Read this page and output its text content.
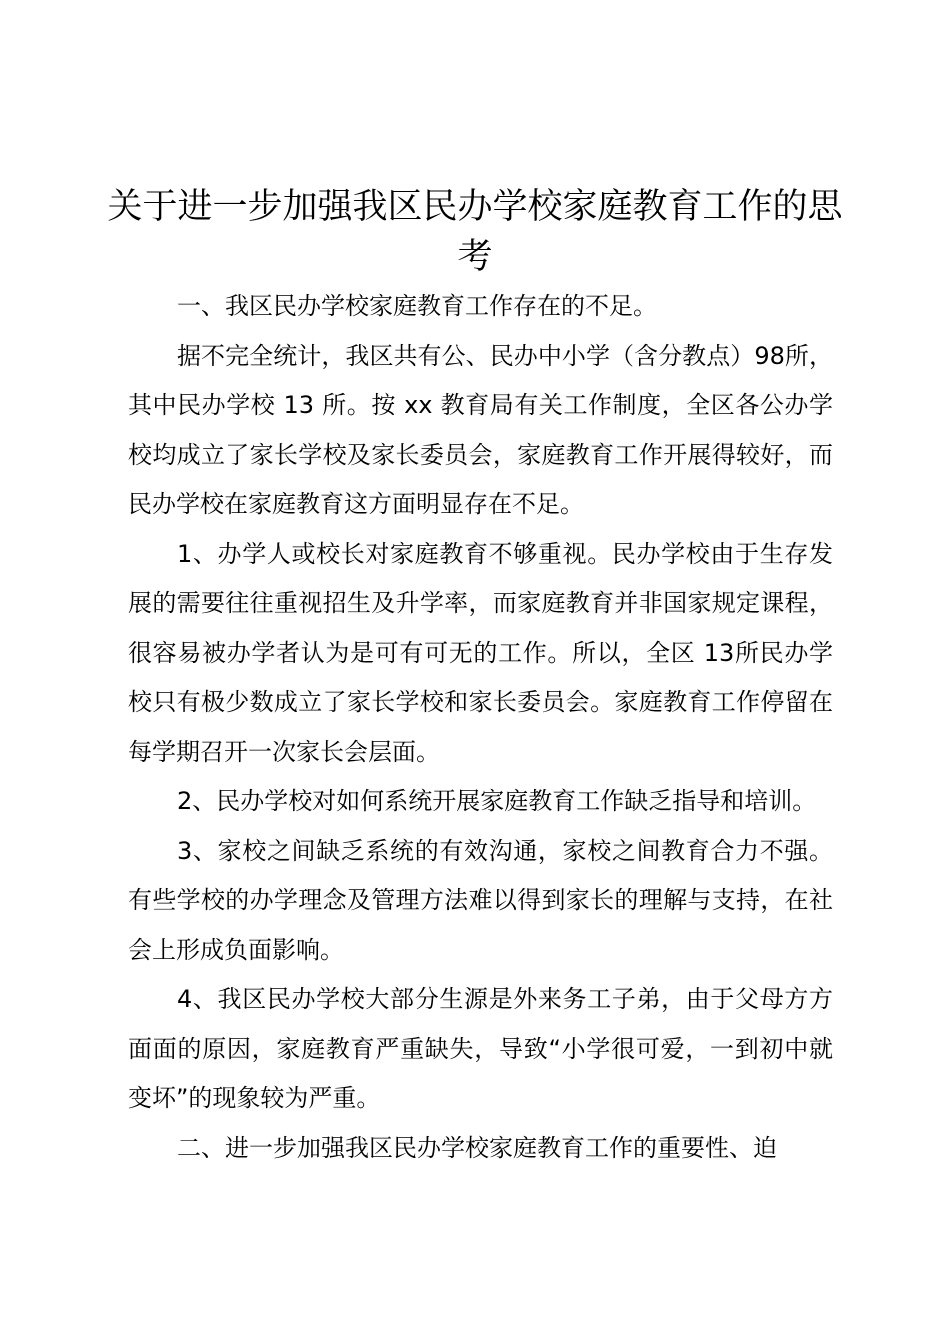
关于进一步加强我区民办学校家庭教育工作的思考

一、我区民办学校家庭教育工作存在的不足。

据不完全统计，我区共有公、民办中小学（含分教点）98所，其中民办学校 13 所。按 xx 教育局有关工作制度，全区各公办学校均成立了家长学校及家长委员会，家庭教育工作开展得较好，而民办学校在家庭教育这方面明显存在不足。

1、办学人或校长对家庭教育不够重视。民办学校由于生存发展的需要往往重视招生及升学率，而家庭教育并非国家规定课程，很容易被办学者认为是可有可无的工作。所以，全区 13所民办学校只有极少数成立了家长学校和家长委员会。家庭教育工作停留在每学期召开一次家长会层面。

2、民办学校对如何系统开展家庭教育工作缺乏指导和培训。

3、家校之间缺乏系统的有效沟通，家校之间教育合力不强。有些学校的办学理念及管理方法难以得到家长的理解与支持，在社会上形成负面影响。

4、我区民办学校大部分生源是外来务工子弟，由于父母方方面面的原因，家庭教育严重缺失，导致“小学很可爱，一到初中就变坏”的现象较为严重。

二、进一步加强我区民办学校家庭教育工作的重要性、迫
